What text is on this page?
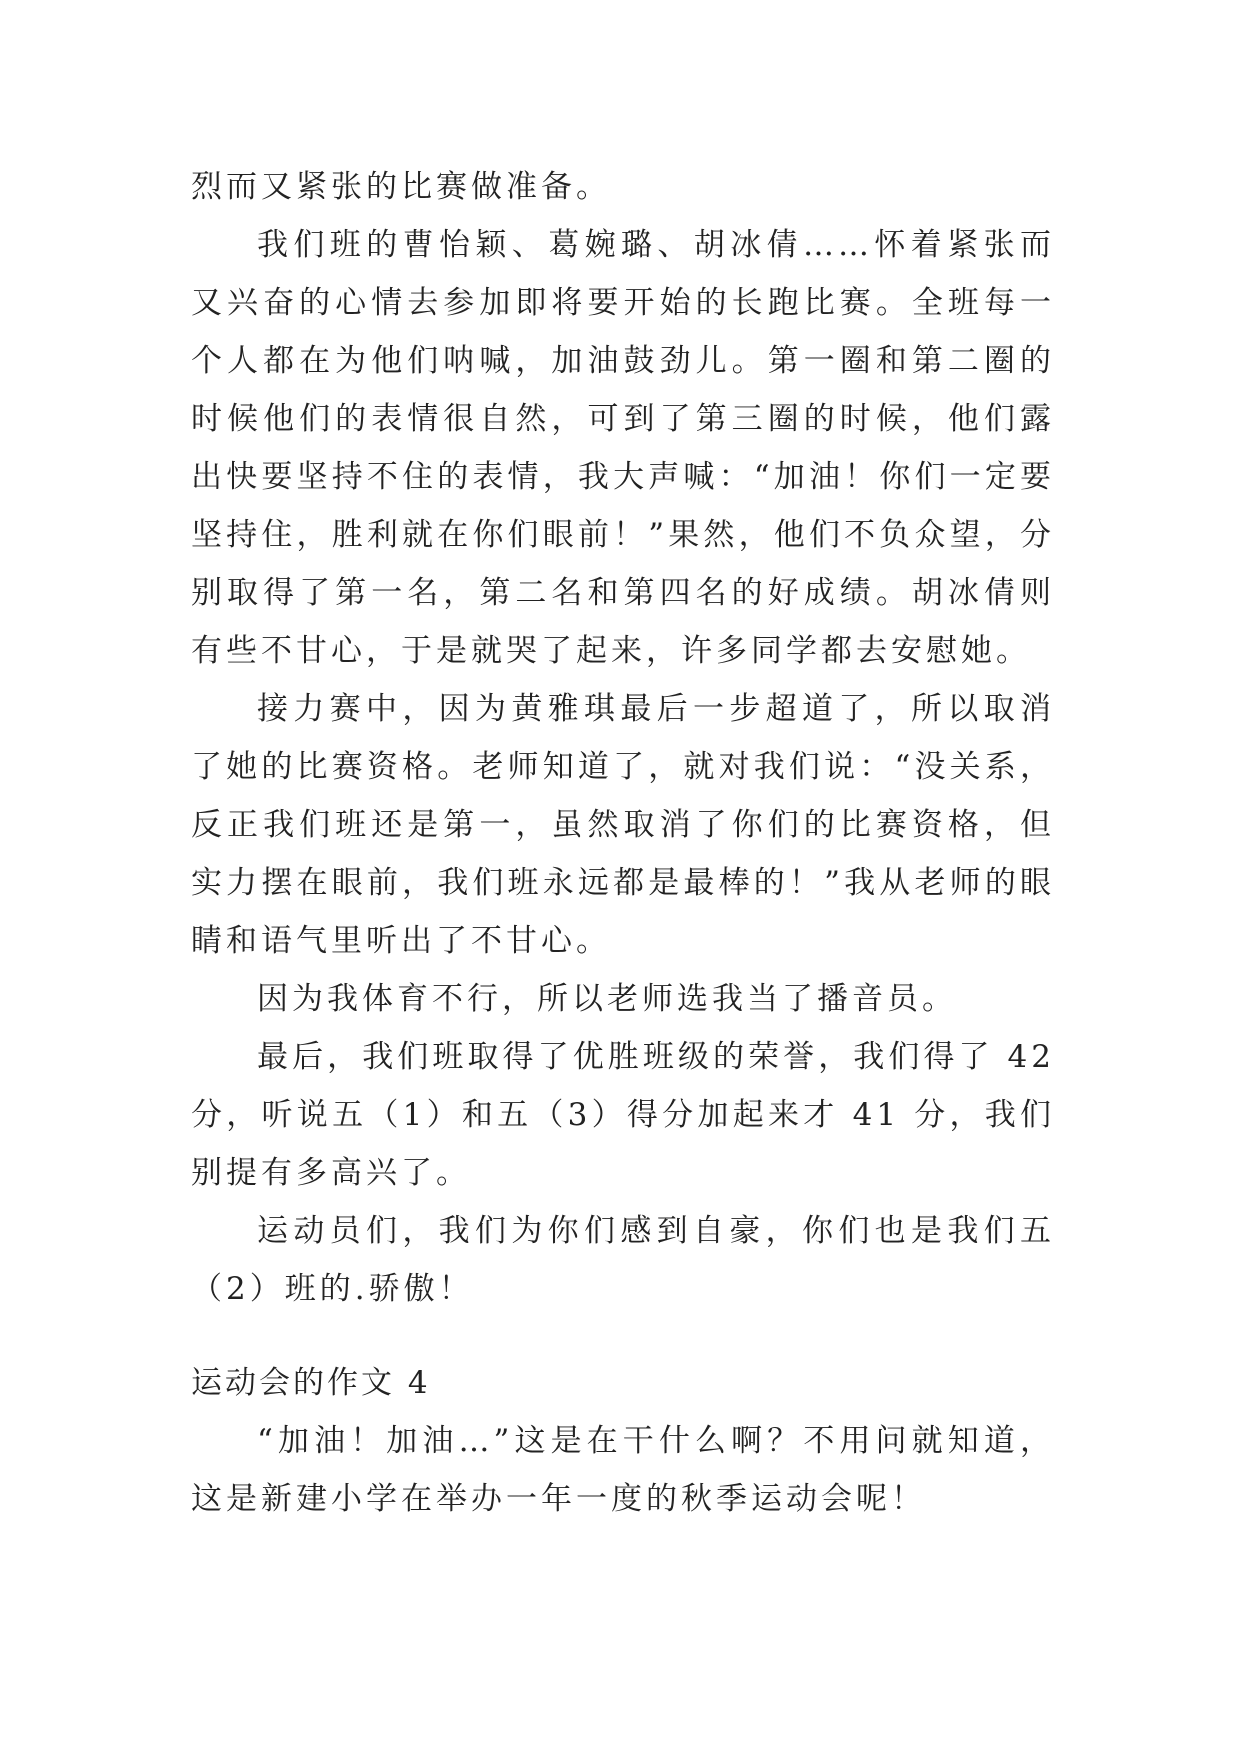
烈而又紧张的比赛做准备。

我们班的曹怡颖、葛婉璐、胡冰倩……怀着紧张而又兴奋的心情去参加即将要开始的长跑比赛。全班每一个人都在为他们呐喊，加油鼓劲儿。第一圈和第二圈的时候他们的表情很自然，可到了第三圈的时候，他们露出快要坚持不住的表情，我大声喊：“加油！你们一定要坚持住，胜利就在你们眼前！”果然，他们不负众望，分别取得了第一名，第二名和第四名的好成绩。胡冰倩则有些不甘心，于是就哭了起来，许多同学都去安慰她。

接力赛中，因为黄雅琪最后一步超道了，所以取消了她的比赛资格。老师知道了，就对我们说：“没关系，反正我们班还是第一，虽然取消了你们的比赛资格，但实力摆在眼前，我们班永远都是最棒的！”我从老师的眼睛和语气里听出了不甘心。

因为我体育不行，所以老师选我当了播音员。

最后，我们班取得了优胜班级的荣誉，我们得了 42 分，听说五（1）和五（3）得分加起来才 41 分，我们别提有多高兴了。

运动员们，我们为你们感到自豪，你们也是我们五（2）班的.骄傲！

运动会的作文 4

“加油！加油…”这是在干什么啊？不用问就知道，这是新建小学在举办一年一度的秋季运动会呢！
